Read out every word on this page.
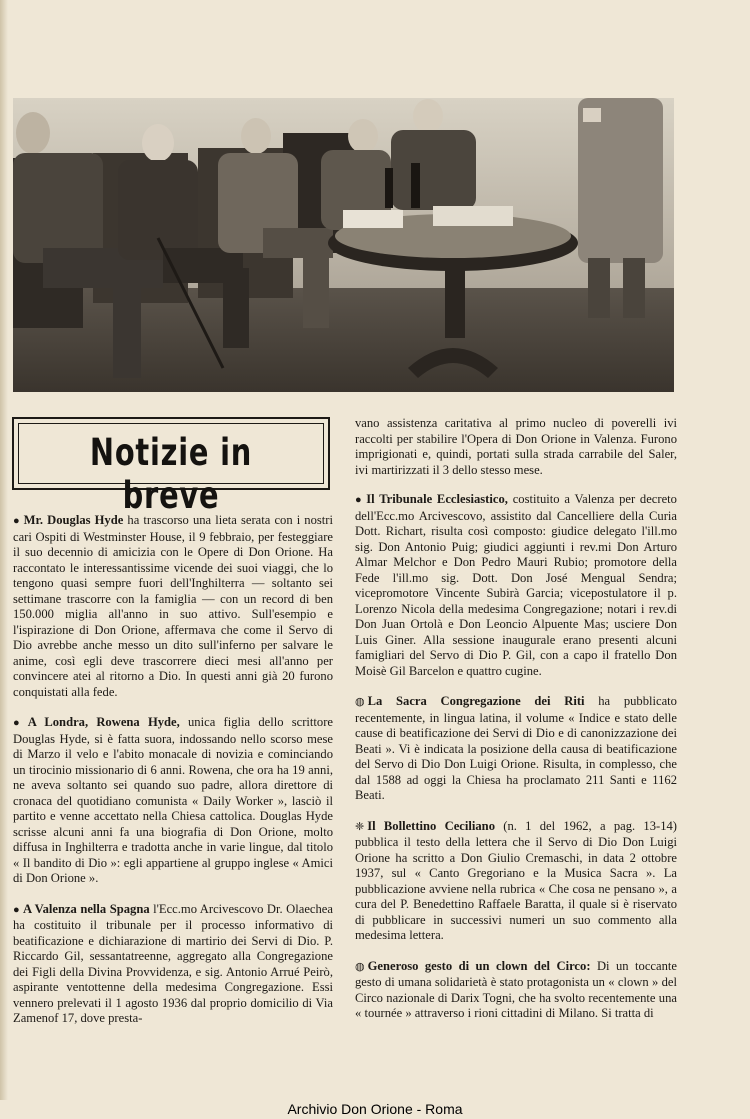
Notizie in breve

● Mr. Douglas Hyde ha trascorso una lieta serata con i nostri cari Ospiti di Westminster House, il 9 febbraio, per festeggiare il suo decennio di amicizia con le Opere di Don Orione. Ha raccontato le interessantissime vicende dei suoi viaggi, che lo tengono quasi sempre fuori dell'Inghilterra — soltanto sei settimane trascorre con la famiglia — con un record di ben 150.000 miglia all'anno in suo attivo. Sull'esempio e l'ispirazione di Don Orione, affermava che come il Servo di Dio avrebbe anche messo un dito sull'inferno per salvare le anime, così egli deve trascorrere dieci mesi all'anno per convincere atei al ritorno a Dio. In questi anni già 20 furono conquistati alla fede.

● A Londra, Rowena Hyde, unica figlia dello scrittore Douglas Hyde, si è fatta suora, indossando nello scorso mese di Marzo il velo e l'abito monacale di novizia e cominciando un tirocinio missionario di 6 anni. Rowena, che ora ha 19 anni, ne aveva soltanto sei quando suo padre, allora direttore di cronaca del quotidiano comunista « Daily Worker », lasciò il partito e venne accettato nella Chiesa cattolica. Douglas Hyde scrisse alcuni anni fa una biografia di Don Orione, molto diffusa in Inghilterra e tradotta anche in varie lingue, dal titolo « Il bandito di Dio »: egli appartiene al gruppo inglese « Amici di Don Orione ».

● A Valenza nella Spagna l'Ecc.mo Arcivescovo Dr. Olaechea ha costituito il tribunale per il processo informativo di beatificazione e dichiarazione di martirio dei Servi di Dio. P. Riccardo Gil, sessantatreenne, aggregato alla Congregazione dei Figli della Divina Provvidenza, e sig. Antonio Arrué Peirò, aspirante ventottenne della medesima Congregazione. Essi vennero prelevati il 1 agosto 1936 dal proprio domicilio di Via Zamenof 17, dove presta-

vano assistenza caritativa al primo nucleo di poverelli ivi raccolti per stabilire l'Opera di Don Orione in Valenza. Furono imprigionati e, quindi, portati sulla strada carrabile del Saler, ivi martirizzati il 3 dello stesso mese.

● Il Tribunale Ecclesiastico, costituito a Valenza per decreto dell'Ecc.mo Arcivescovo, assistito dal Cancelliere della Curia Dott. Richart, risulta così composto: giudice delegato l'ill.mo sig. Don Antonio Puig; giudici aggiunti i rev.mi Don Arturo Almar Melchor e Don Pedro Mauri Rubio; promotore della Fede l'ill.mo sig. Dott. Don José Mengual Sendra; vicepromotore Vincente Subirà Garcia; vicepostulatore il p. Lorenzo Nicola della medesima Congregazione; notari i rev.di Don Juan Ortolà e Don Leoncio Alpuente Mas; usciere Don Luis Giner. Alla sessione inaugurale erano presenti alcuni famigliari del Servo di Dio P. Gil, con a capo il fratello Don Moisè Gil Barcelon e quattro cugine.

◍ La Sacra Congregazione dei Riti ha pubblicato recentemente, in lingua latina, il volume « Indice e stato delle cause di beatificazione dei Servi di Dio e di canonizzazione dei Beati ». Vi è indicata la posizione della causa di beatificazione del Servo di Dio Don Luigi Orione. Risulta, in complesso, che dal 1588 ad oggi la Chiesa ha proclamato 211 Santi e 1162 Beati.

❈ Il Bollettino Ceciliano (n. 1 del 1962, a pag. 13-14) pubblica il testo della lettera che il Servo di Dio Don Luigi Orione ha scritto a Don Giulio Cremaschi, in data 2 ottobre 1937, sul « Canto Gregoriano e la Musica Sacra ». La pubblicazione avviene nella rubrica « Che cosa ne pensano », a cura del P. Benedettino Raffaele Baratta, il quale si è riservato di pubblicare in successivi numeri un suo commento alla medesima lettera.

◍ Generoso gesto di un clown del Circo: Di un toccante gesto di umana solidarietà è stato protagonista un « clown » del Circo nazionale di Darix Togni, che ha svolto recentemente una « tournée » attraverso i rioni cittadini di Milano. Si tratta di

Archivio Don Orione - Roma
